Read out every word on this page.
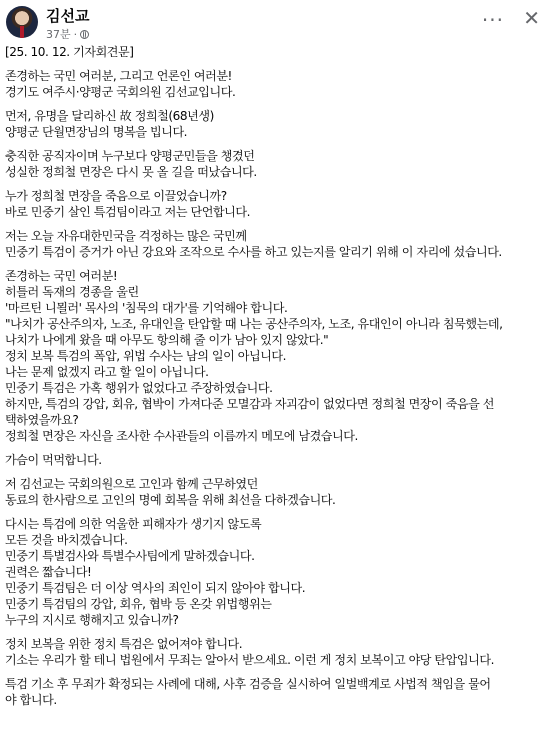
김선교
37분 ·
··· ✕

[25. 10. 12. 기자회견문]

존경하는 국민 여러분, 그리고 언론인 여러분!
경기도 여주시·양평군 국회의원 김선교입니다.

먼저, 유명을 달리하신 故 정희철(68년생)
양평군 단월면장님의 명복을 빕니다.

충직한 공직자이며 누구보다 양평군민들을 챙겼던
성실한 정희철 면장은 다시 못 올 길을 떠났습니다.

누가 정희철 면장을 죽음으로 이끌었습니까?
바로 민중기 살인 특검팀이라고 저는 단언합니다.

저는 오늘 자유대한민국을 걱정하는 많은 국민께
민중기 특검이 증거가 아닌 강요와 조작으로 수사를 하고 있는지를 알리기 위해 이 자리에 섰습니다.

존경하는 국민 여러분!
히틀러 독재의 경종을 울린
'마르틴 니묄러' 목사의 '침묵의 대가'를 기억해야 합니다.
"나치가 공산주의자, 노조, 유대인을 탄압할 때 나는 공산주의자, 노조, 유대인이 아니라 침묵했는데,
나치가 나에게 왔을 때 아무도 항의해 줄 이가 남아 있지 않았다."
정치 보복 특검의 폭압, 위법 수사는 남의 일이 아닙니다.
나는 문제 없겠지 라고 할 일이 아닙니다.
민중기 특검은 가혹 행위가 없었다고 주장하였습니다.
하지만, 특검의 강압, 회유, 협박이 가져다준 모멸감과 자괴감이 없었다면 정희철 면장이 죽음을 선
택하였을까요?
정희철 면장은 자신을 조사한 수사관들의 이름까지 메모에 남겼습니다.

가슴이 먹먹합니다.

저 김선교는 국회의원으로 고인과 함께 근무하였던
동료의 한사람으로 고인의 명예 회복을 위해 최선을 다하겠습니다.

다시는 특검에 의한 억울한 피해자가 생기지 않도록
모든 것을 바치겠습니다.
민중기 특별검사와 특별수사팀에게 말하겠습니다.
권력은 짧습니다!
민중기 특검팀은 더 이상 역사의 죄인이 되지 않아야 합니다.
민중기 특검팀의 강압, 회유, 협박 등 온갖 위법행위는
누구의 지시로 행해지고 있습니까?

정치 보복을 위한 정치 특검은 없어져야 합니다.
기소는 우리가 할 테니 법원에서 무죄는 알아서 받으세요. 이런 게 정치 보복이고 야당 탄압입니다.

특검 기소 후 무죄가 확정되는 사례에 대해, 사후 검증을 실시하여 일벌백계로 사법적 책임을 물어
야 합니다.
